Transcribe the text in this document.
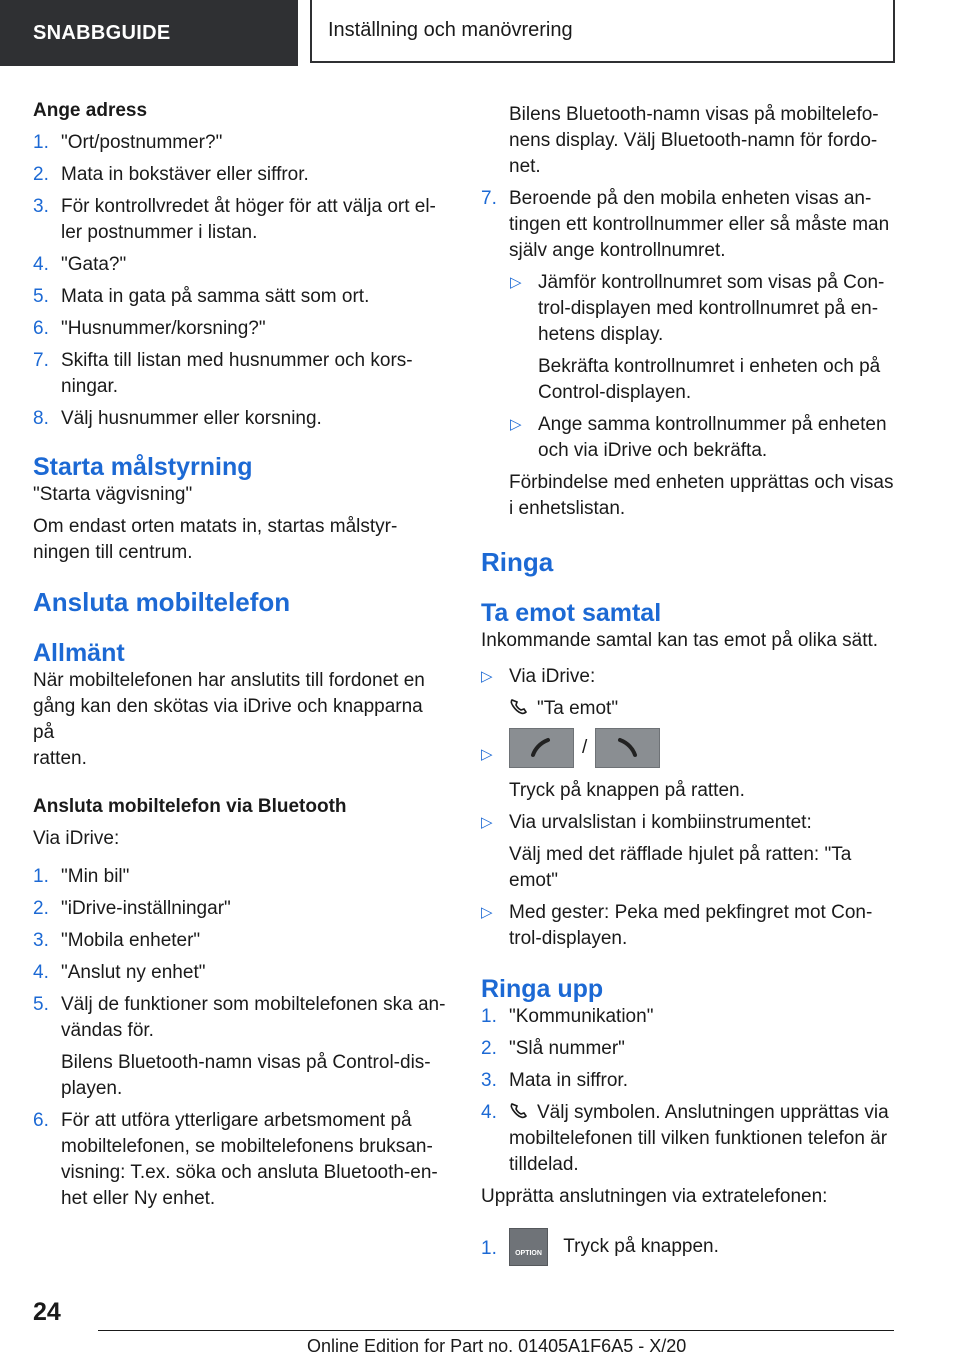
SNABBGUIDE	Inställning och manövrering

Ange adress

1. "Ort/postnummer?"
2. Mata in bokstäver eller siffror.
3. För kontrollvredet åt höger för att välja ort el-
ler postnummer i listan.
4. "Gata?"
5. Mata in gata på samma sätt som ort.
6. "Husnummer/korsning?"
7. Skifta till listan med husnummer och kors-
ningar.
8. Välj husnummer eller korsning.

Starta målstyrning

"Starta vägvisning"

Om endast orten matats in, startas målstyr-
ningen till centrum.

Ansluta mobiltelefon

Allmänt

När mobiltelefonen har anslutits till fordonet en
gång kan den skötas via iDrive och knapparna på
ratten.

Ansluta mobiltelefon via Bluetooth

Via iDrive:

1. "Min bil"
2. "iDrive-inställningar"
3. "Mobila enheter"
4. "Anslut ny enhet"
5. Välj de funktioner som mobiltelefonen ska an-
vändas för.

Bilens Bluetooth-namn visas på Control-dis-
playen.

6. För att utföra ytterligare arbetsmoment på
mobiltelefonen, se mobiltelefonens bruksan-
visning: T.ex. söka och ansluta Bluetooth-en-
het eller Ny enhet.

Bilens Bluetooth-namn visas på mobiltelefo-
nens display. Välj Bluetooth-namn för fordo-
net.

7. Beroende på den mobila enheten visas an-
tingen ett kontrollnummer eller så måste man
själv ange kontrollnumret.
▷ Jämför kontrollnumret som visas på Con-
trol-displayen med kontrollnumret på en-
hetens display.

Bekräfta kontrollnumret i enheten och på
Control-displayen.

▷ Ange samma kontrollnummer på enheten
och via iDrive och bekräfta.

Förbindelse med enheten upprättas och visas
i enhetslistan.

Ringa

Ta emot samtal

Inkommande samtal kan tas emot på olika sätt.

▷ Via iDrive:

"Ta emot"

▷	/

Tryck på knappen på ratten.

▷ Via urvalslistan i kombiinstrumentet:

Välj med det räfflade hjulet på ratten: "Ta
emot"

▷ Med gester: Peka med pekfingret mot Con-
trol-displayen.

Ringa upp

1. "Kommunikation"
2. "Slå nummer"
3. Mata in siffror.
4. Välj symbolen. Anslutningen upprättas via
mobiltelefonen till vilken funktionen telefon är
tilldelad.

Upprätta anslutningen via extratelefonen:

1.	OPTION Tryck på knappen.
24
Online Edition for Part no. 01405A1F6A5 - X/20
